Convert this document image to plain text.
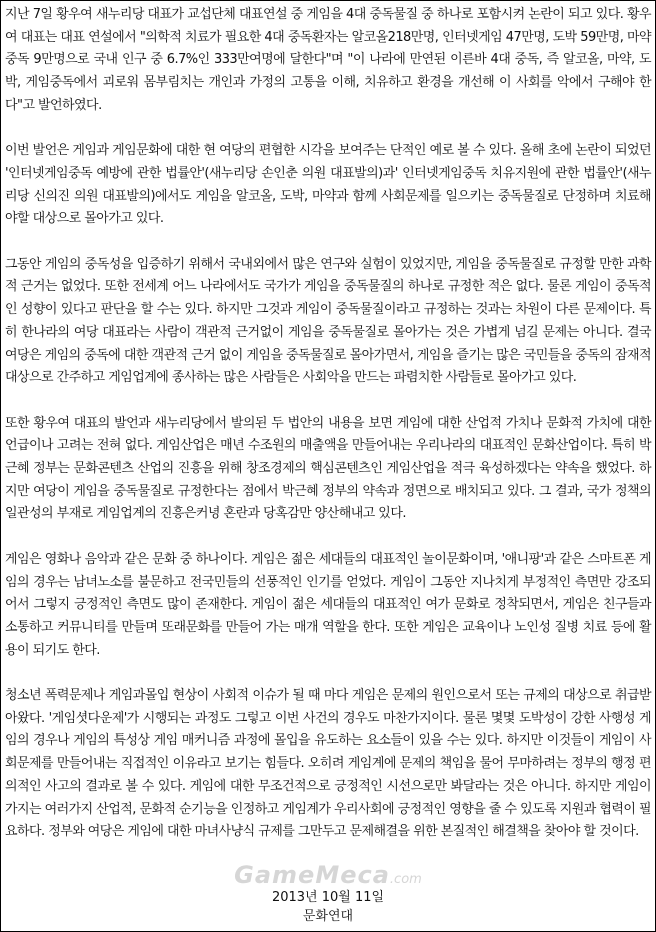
지난 7일 황우여 새누리당 대표가 교섭단체 대표연설 중 게임을 4대 중독물질 중 하나로 포함시켜 논란이 되고 있다. 황우여 대표는 대표 연설에서 "의학적 치료가 필요한 4대 중독환자는 알코올218만명, 인터넷게임 47만명, 도박 59만명, 마약 중독 9만명으로 국내 인구 중 6.7%인 333만여명에 달한다"며 "이 나라에 만연된 이른바 4대 중독, 즉 알코올, 마약, 도박, 게임중독에서 괴로워 몸부림치는 개인과 가정의 고통을 이해, 치유하고 환경을 개선해 이 사회를 악에서 구해야 한다"고 발언하였다.

이번 발언은 게임과 게임문화에 대한 현 여당의 편협한 시각을 보여주는 단적인 예로 볼 수 있다. 올해 초에 논란이 되었던 '인터넷게임중독 예방에 관한 법률안'(새누리당 손인춘 의원 대표발의)과' 인터넷게임중독 치유지원에 관한 법률안'(새누리당 신의진 의원 대표발의)에서도 게임을 알코올, 도박, 마약과 함께 사회문제를 일으키는 중독물질로 단정하며 치료해야할 대상으로 몰아가고 있다.

그동안 게임의 중독성을 입증하기 위해서 국내외에서 많은 연구와 실험이 있었지만, 게임을 중독물질로 규정할 만한 과학적 근거는 없었다. 또한 전세계 어느 나라에서도 국가가 게임을 중독물질의 하나로 규정한 적은 없다. 물론 게임이 중독적인 성향이 있다고 판단을 할 수는 있다. 하지만 그것과 게임이 중독물질이라고 규정하는 것과는 차원이 다른 문제이다. 특히 한나라의 여당 대표라는 사람이 객관적 근거없이 게임을 중독물질로 몰아가는 것은 가볍게 넘길 문제는 아니다. 결국 여당은 게임의 중독에 대한 객관적 근거 없이 게임을 중독물질로 몰아가면서, 게임을 즐기는 많은 국민들을 중독의 잠재적 대상으로 간주하고 게임업계에 종사하는 많은 사람들은 사회악을 만드는 파렴치한 사람들로 몰아가고 있다.

또한 황우여 대표의 발언과 새누리당에서 발의된 두 법안의 내용을 보면 게임에 대한 산업적 가치나 문화적 가치에 대한 언급이나 고려는 전혀 없다. 게임산업은 매년 수조원의 매출액을 만들어내는 우리나라의 대표적인 문화산업이다. 특히 박근혜 정부는 문화콘텐츠 산업의 진흥을 위해 창조경제의 핵심콘텐츠인 게임산업을 적극 육성하겠다는 약속을 했었다. 하지만 여당이 게임을 중독물질로 규정한다는 점에서 박근혜 정부의 약속과 정면으로 배치되고 있다. 그 결과, 국가 정책의 일관성의 부재로 게임업계의 진흥은커녕 혼란과 당혹감만 양산해내고 있다.

게임은 영화나 음악과 같은 문화 중 하나이다. 게임은 젊은 세대들의 대표적인 놀이문화이며, '애니팡'과 같은 스마트폰 게임의 경우는 남녀노소를 불문하고 전국민들의 선풍적인 인기를 얻었다. 게임이 그동안 지나치게 부정적인 측면만 강조되어서 그렇지 긍정적인 측면도 많이 존재한다. 게임이 젊은 세대들의 대표적인 여가 문화로 정착되면서, 게임은 친구들과 소통하고 커뮤니티를 만들며 또래문화를 만들어 가는 매개 역할을 한다. 또한 게임은 교육이나 노인성 질병 치료 등에 활용이 되기도 한다.

청소년 폭력문제나 게임과몰입 현상이 사회적 이슈가 될 때 마다 게임은 문제의 원인으로서 또는 규제의 대상으로 취급받아왔다. '게임셧다운제'가 시행되는 과정도 그렇고 이번 사건의 경우도 마찬가지이다. 물론 몇몇 도박성이 강한 사행성 게임의 경우나 게임의 특성상 게임 매커니즘 과정에 몰입을 유도하는 요소들이 있을 수는 있다. 하지만 이것들이 게임이 사회문제를 만들어내는 직접적인 이유라고 보기는 힘들다. 오히려 게임계에 문제의 책임을 물어 무마하려는 정부의 행정 편의적인 사고의 결과로 볼 수 있다. 게임에 대한 무조건적으로 긍정적인 시선으로만 봐달라는 것은 아니다. 하지만 게임이 가지는 여러가지 산업적, 문화적 순기능을 인정하고 게임계가 우리사회에 긍정적인 영향을 줄 수 있도록 지원과 협력이 필요하다. 정부와 여당은 게임에 대한 마녀사냥식 규제를 그만두고 문제해결을 위한 본질적인 해결책을 찾아야 할 것이다.

GameMeca.com
2013년 10월 11일
문화연대
